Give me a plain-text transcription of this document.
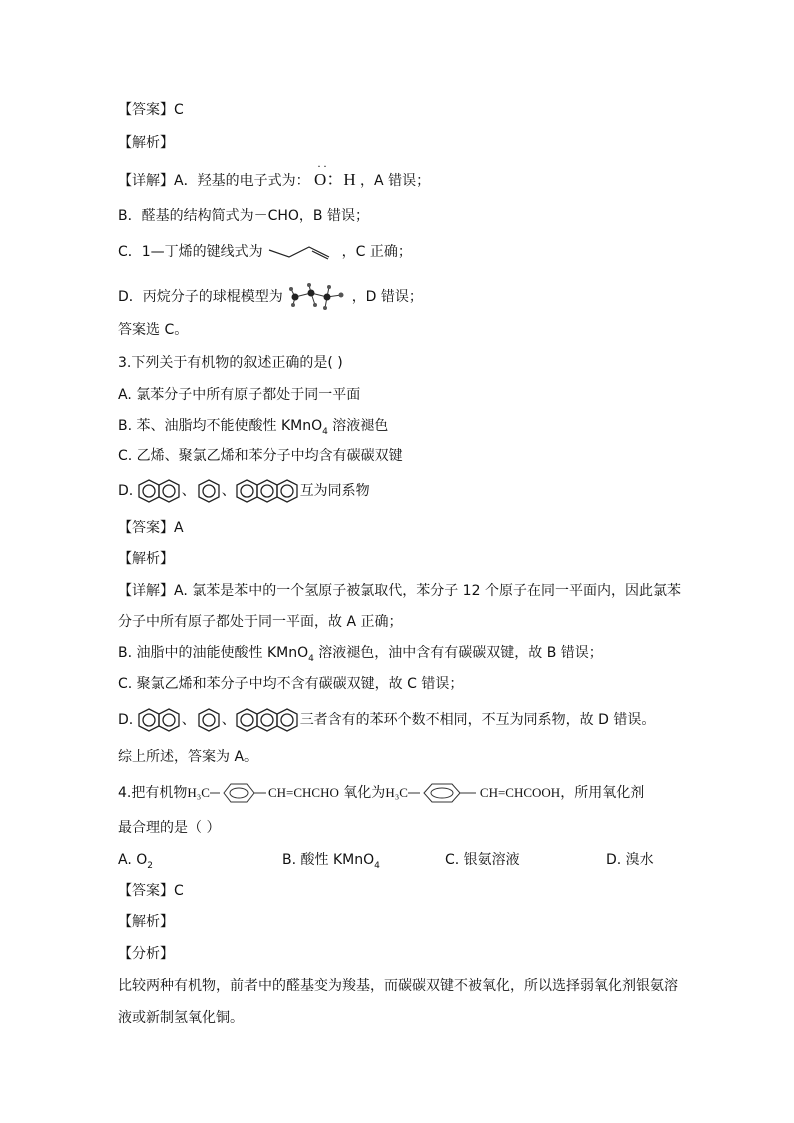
【答案】C
【解析】
【详解】A．羟基的电子式为：
··
O：H ，A 错误；
B．醛基的结构简式为－CHO，B 错误；
C．1—丁烯的键线式为	，C 正确；
D．丙烷分子的球棍模型为	，D 错误；
答案选 C。
3.下列关于有机物的叙述正确的是( )
A. 氯苯分子中所有原子都处于同一平面
B. 苯、油脂均不能使酸性 KMnO$_4$ 溶液褪色
C. 乙烯、聚氯乙烯和苯分子中均含有碳碳双键
D.	、 、	互为同系物
【答案】A
【解析】
【详解】A. 氯苯是苯中的一个氢原子被氯取代，苯分子 12 个原子在同一平面内，因此氯苯
分子中所有原子都处于同一平面，故 A 正确；
B. 油脂中的油能使酸性 KMnO$_4$ 溶液褪色，油中含有有碳碳双键，故 B 错误；
C. 聚氯乙烯和苯分子中均不含有碳碳双键，故 C 错误；
D.	、 、	三者含有的苯环个数不相同，不互为同系物，故 D 错误。
综上所述，答案为 A。
4.把有机物H₃C	CH=CHCHO 氧化为H₃C	CH=CHCOOH，所用氧化剂
最合理的是（ ）
A. $O_2$	B. 酸性 KMnO$_4$	C. 银氨溶液	D. 溴水
【答案】C
【解析】
【分析】
比较两种有机物，前者中的醛基变为羧基，而碳碳双键不被氧化，所以选择弱氧化剂银氨溶
液或新制氢氧化铜。
